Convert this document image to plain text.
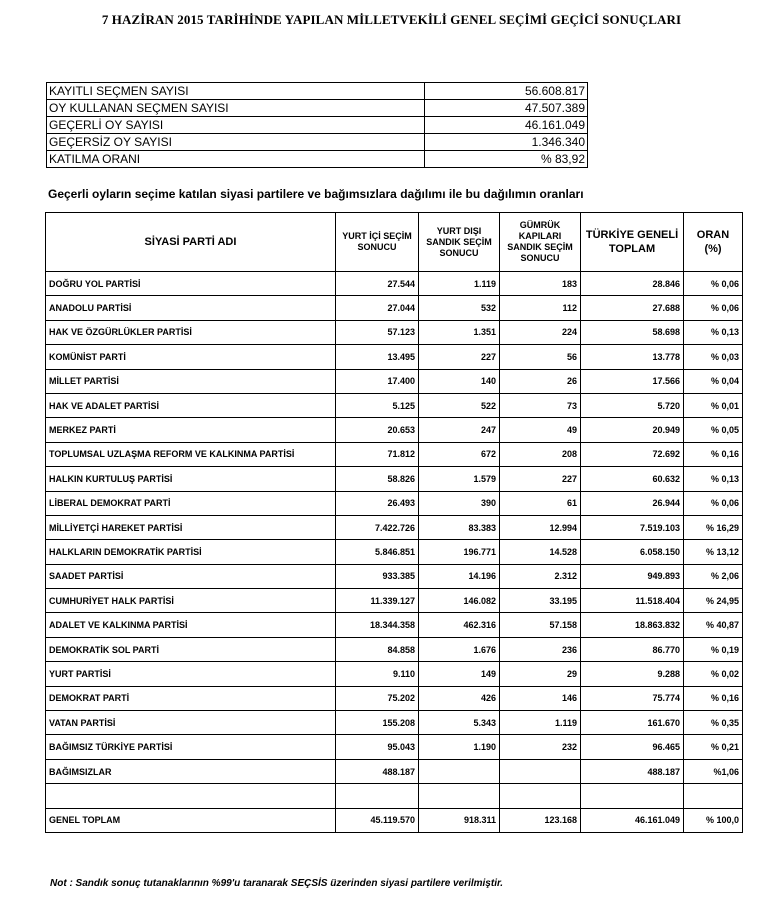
7 HAZİRAN 2015 TARİHİNDE YAPILAN MİLLETVEKİLİ GENEL SEÇİMİ GEÇİCİ SONUÇLARI
KAYITLI SEÇMEN SAYISI	56.608.817
OY KULLANAN SEÇMEN SAYISI	47.507.389
GEÇERLİ OY SAYISI	46.161.049
GEÇERSİZ OY SAYISI	1.346.340
KATILMA ORANI	% 83,92
Geçerli oyların seçime katılan siyasi partilere ve bağımsızlara dağılımı ile bu dağılımın oranları
SİYASİ PARTİ ADI	YURT İÇİ SEÇİM SONUCU	YURT DIŞI SANDIK SEÇİM SONUCU	GÜMRÜK KAPILARI SANDIK SEÇİM SONUCU	TÜRKİYE GENELİ TOPLAM	ORAN (%)
DOĞRU YOL PARTİSİ	27.544	1.119	183	28.846	% 0,06
ANADOLU PARTİSİ	27.044	532	112	27.688	% 0,06
HAK VE ÖZGÜRLÜKLER PARTİSİ	57.123	1.351	224	58.698	% 0,13
KOMÜNİST PARTİ	13.495	227	56	13.778	% 0,03
MİLLET PARTİSİ	17.400	140	26	17.566	% 0,04
HAK VE ADALET PARTİSİ	5.125	522	73	5.720	% 0,01
MERKEZ PARTİ	20.653	247	49	20.949	% 0,05
TOPLUMSAL UZLAŞMA REFORM VE KALKINMA PARTİSİ	71.812	672	208	72.692	% 0,16
HALKIN KURTULUŞ PARTİSİ	58.826	1.579	227	60.632	% 0,13
LİBERAL DEMOKRAT PARTİ	26.493	390	61	26.944	% 0,06
MİLLİYETÇİ HAREKET PARTİSİ	7.422.726	83.383	12.994	7.519.103	% 16,29
HALKLARIN DEMOKRATİK PARTİSİ	5.846.851	196.771	14.528	6.058.150	% 13,12
SAADET PARTİSİ	933.385	14.196	2.312	949.893	% 2,06
CUMHURİYET HALK PARTİSİ	11.339.127	146.082	33.195	11.518.404	% 24,95
ADALET VE KALKINMA PARTİSİ	18.344.358	462.316	57.158	18.863.832	% 40,87
DEMOKRATİK SOL PARTİ	84.858	1.676	236	86.770	% 0,19
YURT PARTİSİ	9.110	149	29	9.288	% 0,02
DEMOKRAT PARTİ	75.202	426	146	75.774	% 0,16
VATAN PARTİSİ	155.208	5.343	1.119	161.670	% 0,35
BAĞIMSIZ TÜRKİYE PARTİSİ	95.043	1.190	232	96.465	% 0,21
BAĞIMSIZLAR	488.187			488.187	%1,06

GENEL TOPLAM	45.119.570	918.311	123.168	46.161.049	% 100,0
Not : Sandık sonuç tutanaklarının %99'u taranarak SEÇSİS üzerinden siyasi partilere verilmiştir.
